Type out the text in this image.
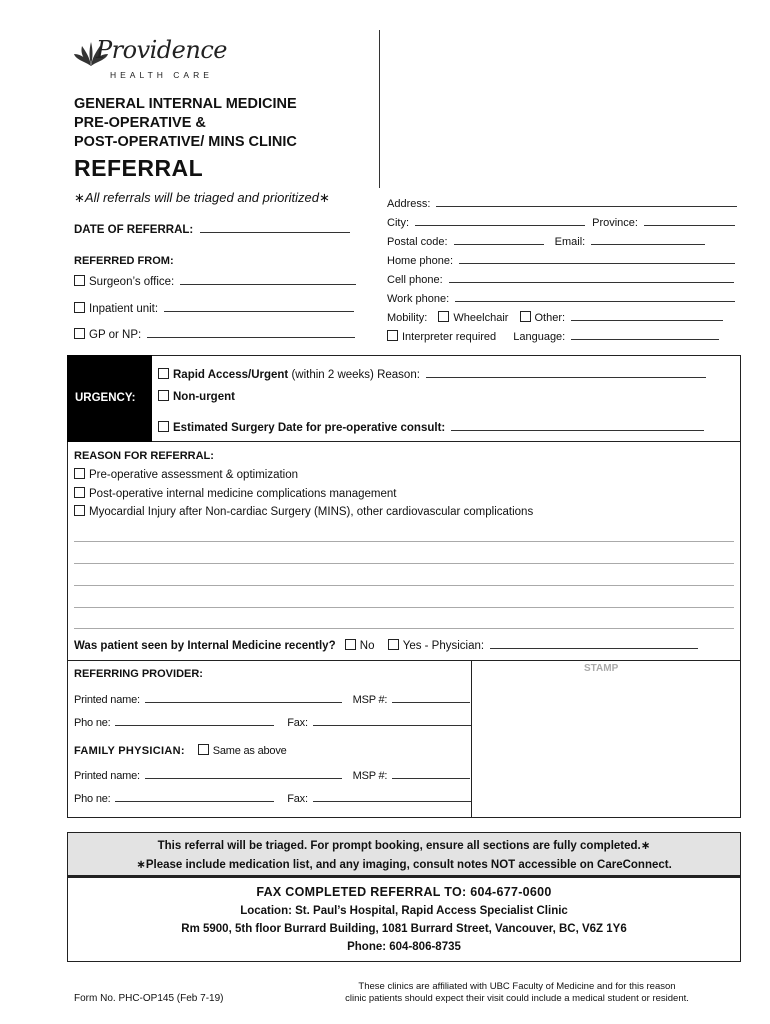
Providence
HEALTH CARE
GENERAL INTERNAL MEDICINE
PRE-OPERATIVE &
POST-OPERATIVE/ MINS CLINIC
REFERRAL
∗All referrals will be triaged and prioritized∗
DATE OF REFERRAL:
REFERRED FROM:
Surgeon’s office:
Inpatient unit:
GP or NP:
Address:
City:	Province:
Postal code:	Email:
Home phone:
Cell phone:
Work phone:
Mobility: Wheelchair Other:
Interpreter required Language:
URGENCY:
Rapid Access/Urgent (within 2 weeks) Reason:
Non-urgent
Estimated Surgery Date for pre-operative consult:
REASON FOR REFERRAL:
Pre-operative assessment & optimization
Post-operative internal medicine complications management
Myocardial Injury after Non-cardiac Surgery (MINS), other cardiovascular complications
Was patient seen by Internal Medicine recently? No Yes - Physician:
STAMP
REFERRING PROVIDER:
Printed name:	MSP #:
Pho ne:	Fax:
FAMILY PHYSICIAN:	Same as above
Printed name:	MSP #:
Pho ne:	Fax:
This referral will be triaged. For prompt booking, ensure all sections are fully completed.∗
∗Please include medication list, and any imaging, consult notes NOT accessible on CareConnect.
FAX COMPLETED REFERRAL TO: 604-677-0600
Location: St. Paul’s Hospital, Rapid Access Specialist Clinic
Rm 5900, 5th floor Burrard Building, 1081 Burrard Street, Vancouver, BC, V6Z 1Y6
Phone: 604-806-8735
Form No. PHC-OP145 (Feb 7-19)
These clinics are affiliated with UBC Faculty of Medicine and for this reason
clinic patients should expect their visit could include a medical student or resident.
